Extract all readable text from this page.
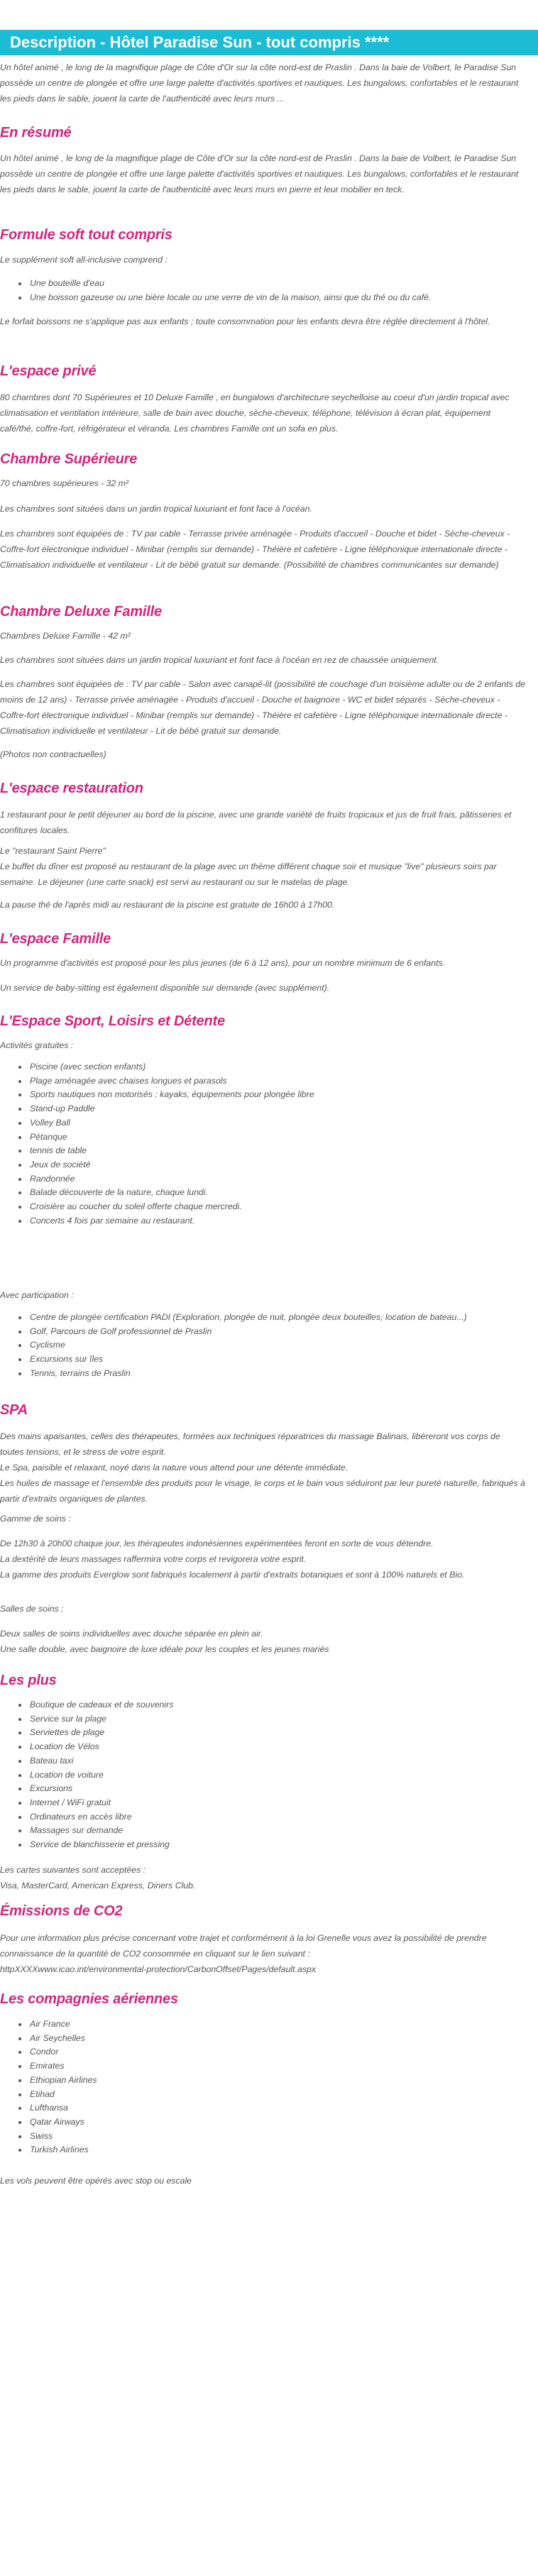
Description - Hôtel Paradise Sun - tout compris ****
Un hôtel animé , le long de la magnifique plage de Côte d'Or sur la côte nord-est de Praslin . Dans la baie de Volbert, le Paradise Sun possède un centre de plongée et offre une large palette d'activités sportives et nautiques. Les bungalows, confortables et le restaurant les pieds dans le sable, jouent la carte de l'authenticité avec leurs murs ...
En résumé
Un hôtel animé , le long de la magnifique plage de Côte d'Or sur la côte nord-est de Praslin . Dans la baie de Volbert, le Paradise Sun possède un centre de plongée et offre une large palette d'activités sportives et nautiques. Les bungalows, confortables et le restaurant les pieds dans le sable, jouent la carte de l'authenticité avec leurs murs en pierre et leur mobilier en teck.
Formule soft tout compris
Le supplément soft all-inclusive comprend :
• Une bouteille d'eau
• Une boisson gazeuse ou une bière locale ou une verre de vin de la maison, ainsi que du thé ou du café.
Le forfait boissons ne s'applique pas aux enfants ; toute consommation pour les enfants devra être réglée directement à l'hôtel.
L'espace privé
80 chambres dont 70 Supérieures et 10 Deluxe Famille , en bungalows d'architecture seychelloise au coeur d'un jardin tropical avec climatisation et ventilation intérieure, salle de bain avec douche, sèche-cheveux, téléphone, télévision à écran plat, équipement café/thé, coffre-fort, réfrigérateur et véranda. Les chambres Famille ont un sofa en plus.
Chambre Supérieure
70 chambres supérieures - 32 m²
Les chambres sont situées dans un jardin tropical luxuriant et font face à l'océan.
Les chambres sont équipées de : TV par cable - Terrasse privée aménagée - Produits d'accueil - Douche et bidet - Sèche-cheveux - Coffre-fort électronique individuel - Minibar (remplis sur demande) - Théière et cafetière - Ligne téléphonique internationale directe - Climatisation individuelle et ventilateur - Lit de bébé gratuit sur demande. (Possibilité de chambres communicantes sur demande)
Chambre Deluxe Famille
Chambres Deluxe Famille - 42 m²
Les chambres sont situées dans un jardin tropical luxuriant et font face à l'océan en rez de chaussée uniquement.
Les chambres sont équipées de : TV par cable - Salon avec canapé-lit (possibilité de couchage d'un troisième adulte ou de 2 enfants de moins de 12 ans) - Terrasse privée aménagée - Produits d'accueil - Douche et baignoire - WC et bidet séparés - Sèche-cheveux - Coffre-fort électronique individuel - Minibar (remplis sur demande) - Théière et cafetière - Ligne téléphonique internationale directe - Climatisation individuelle et ventilateur - Lit de bébé gratuit sur demande.
(Photos non contractuelles)
L'espace restauration
1 restaurant pour le petit déjeuner au bord de la piscine, avec une grande variété de fruits tropicaux et jus de fruit frais, pâtisseries et confitures locales.
Le "restaurant Saint Pierre"
Le buffet du dîner est proposé au restaurant de la plage avec un thème différent chaque soir et musique "live" plusieurs soirs par semaine. Le déjeuner (une carte snack) est servi au restaurant ou sur le matelas de plage.
La pause thé de l'après midi au restaurant de la piscine est gratuite de 16h00 à 17h00.
L'espace Famille
Un programme d'activités est proposé pour les plus jeunes (de 6 à 12 ans), pour un nombre minimum de 6 enfants.
Un service de baby-sitting est également disponible sur demande (avec supplément).
L'Espace Sport, Loisirs et Détente
Activités gratuites :
• Piscine (avec section enfants)
• Plage aménagée avec chaises longues et parasols
• Sports nautiques non motorisés : kayaks, équipements pour plongée libre
• Stand-up Paddle
• Volley Ball
• Pétanque
• tennis de table
• Jeux de société
• Randonnée
• Balade découverte de la nature, chaque lundi.
• Croisière au coucher du soleil offerte chaque mercredi.
• Concerts 4 fois par semaine au restaurant.
Avec participation :
• Centre de plongée certification PADI (Exploration, plongée de nuit, plongée deux bouteilles, location de bateau...)
• Golf, Parcours de Golf professionnel de Praslin
• Cyclisme
• Excursions sur îles
• Tennis, terrains de Praslin
SPA
Des mains apaisantes, celles des thérapeutes, formées aux techniques réparatrices du massage Balinais, libèreront vos corps de toutes tensions, et le stress de votre esprit.
Le Spa, paisible et relaxant, noyé dans la nature vous attend pour une détente immédiate.
Les huiles de massage et l'ensemble des produits pour le visage, le corps et le bain vous séduiront par leur pureté naturelle, fabriqués à partir d'extraits organiques de plantes.
Gamme de soins :
De 12h30 à 20h00 chaque jour, les thérapeutes indonésiennes expérimentées feront en sorte de vous détendre.
La dextérité de leurs massages raffermira votre corps et revigorera votre esprit.
La gamme des produits Everglow sont fabriqués localement à partir d'extraits botaniques et sont à 100% naturels et Bio.
Salles de soins :
Deux salles de soins individuelles avec douche séparée en plein air.
Une salle double, avec baignoire de luxe idéale pour les couples et les jeunes mariés
Les plus
• Boutique de cadeaux et de souvenirs
• Service sur la plage
• Serviettes de plage
• Location de Vélos
• Bateau taxi
• Location de voiture
• Excursions
• Internet / WiFi gratuit
• Ordinateurs en accès libre
• Massages sur demande
• Service de blanchisserie et pressing
Les cartes suivantes sont acceptées :
Visa, MasterCard, American Express, Diners Club.
Émissions de CO2
Pour une information plus précise concernant votre trajet et conformément à la loi Grenelle vous avez la possibilité de prendre connaissance de la quantité de CO2 consommée en cliquant sur le lien suivant :
httpXXXXwww.icao.int/environmental-protection/CarbonOffset/Pages/default.aspx
Les compagnies aériennes
• Air France
• Air Seychelles
• Condor
• Emirates
• Ethiopian Airlines
• Etihad
• Lufthansa
• Qatar Airways
• Swiss
• Turkish Airlines
Les vols peuvent être opérés avec stop ou escale
